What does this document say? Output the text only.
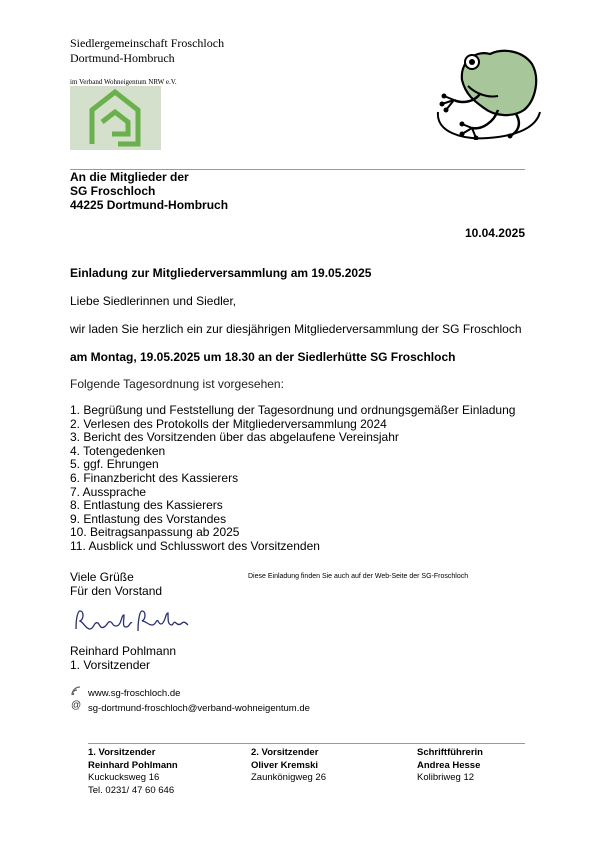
Siedlergemeinschaft Froschloch
Dortmund-Hombruch
im Verband Wohneigentum NRW e.V.
An die Mitglieder der
SG Froschloch
44225 Dortmund-Hombruch
10.04.2025
Einladung zur Mitgliederversammlung am 19.05.2025
Liebe Siedlerinnen und Siedler,
wir laden Sie herzlich ein zur diesjährigen Mitgliederversammlung der SG Froschloch
am Montag, 19.05.2025 um 18.30 an der Siedlerhütte SG Froschloch
Folgende Tagesordnung ist vorgesehen:
1. Begrüßung und Feststellung der Tagesordnung und ordnungsgemäßer Einladung
2. Verlesen des Protokolls der Mitgliederversammlung 2024
3. Bericht des Vorsitzenden über das abgelaufene Vereinsjahr
4. Totengedenken
5. ggf. Ehrungen
6. Finanzbericht des Kassierers
7. Aussprache
8. Entlastung des Kassierers
9. Entlastung des Vorstandes
10. Beitragsanpassung ab 2025
11. Ausblick und Schlusswort des Vorsitzenden
Viele Grüße	Diese Einladung finden Sie auch auf der Web-Seite der SG-Froschloch
Für den Vorstand
Reinhard Pohlmann
1. Vorsitzender
www.sg-froschloch.de
@ sg-dortmund-froschloch@verband-wohneigentum.de
1. Vorsitzender
Reinhard Pohlmann
Kuckucksweg 16
Tel. 0231/ 47 60 646
2. Vorsitzender
Oliver Kremski
Zaunkönigweg 26
Schriftführerin
Andrea Hesse
Kolibriweg 12
